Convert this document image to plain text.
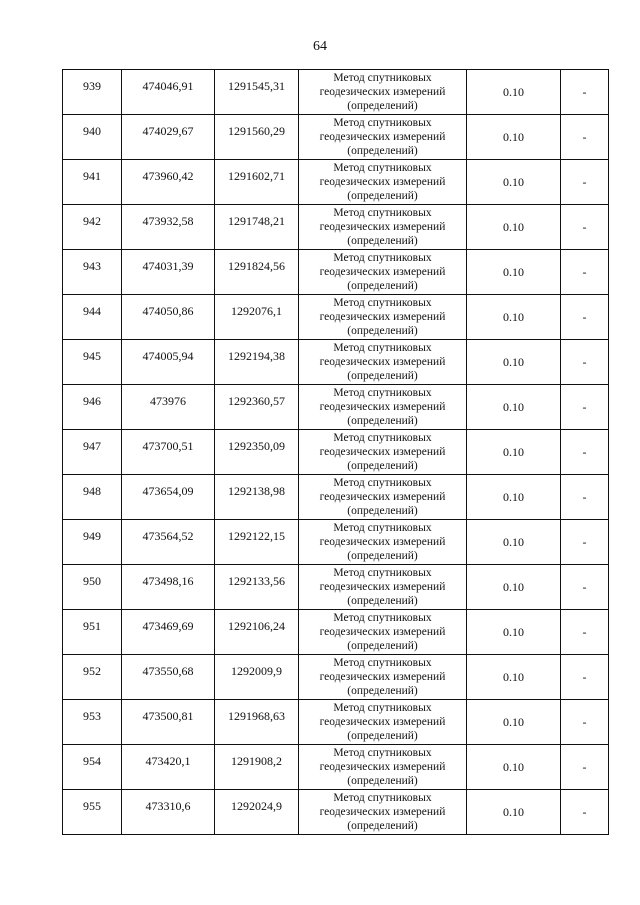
64
939	474046,91	1291545,31	Метод спутниковых
геодезических измерений
(определений)	0.10	-
940	474029,67	1291560,29	Метод спутниковых
геодезических измерений
(определений)	0.10	-
941	473960,42	1291602,71	Метод спутниковых
геодезических измерений
(определений)	0.10	-
942	473932,58	1291748,21	Метод спутниковых
геодезических измерений
(определений)	0.10	-
943	474031,39	1291824,56	Метод спутниковых
геодезических измерений
(определений)	0.10	-
944	474050,86	1292076,1	Метод спутниковых
геодезических измерений
(определений)	0.10	-
945	474005,94	1292194,38	Метод спутниковых
геодезических измерений
(определений)	0.10	-
946	473976	1292360,57	Метод спутниковых
геодезических измерений
(определений)	0.10	-
947	473700,51	1292350,09	Метод спутниковых
геодезических измерений
(определений)	0.10	-
948	473654,09	1292138,98	Метод спутниковых
геодезических измерений
(определений)	0.10	-
949	473564,52	1292122,15	Метод спутниковых
геодезических измерений
(определений)	0.10	-
950	473498,16	1292133,56	Метод спутниковых
геодезических измерений
(определений)	0.10	-
951	473469,69	1292106,24	Метод спутниковых
геодезических измерений
(определений)	0.10	-
952	473550,68	1292009,9	Метод спутниковых
геодезических измерений
(определений)	0.10	-
953	473500,81	1291968,63	Метод спутниковых
геодезических измерений
(определений)	0.10	-
954	473420,1	1291908,2	Метод спутниковых
геодезических измерений
(определений)	0.10	-
955	473310,6	1292024,9	Метод спутниковых
геодезических измерений
(определений)	0.10	-
